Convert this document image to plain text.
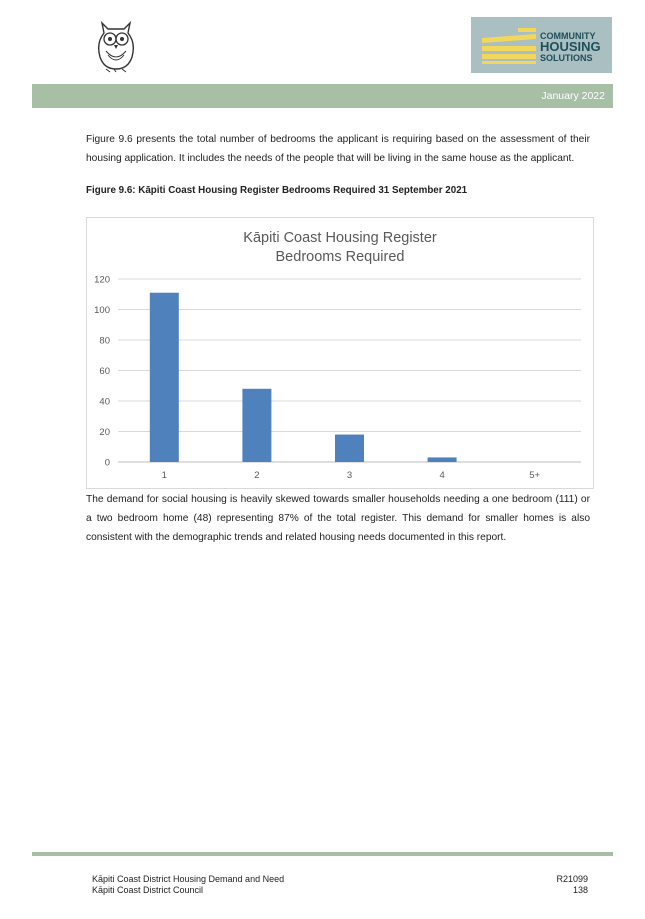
COMMUNITY
HOUSING
SOLUTIONS
January 2022
Figure 9.6 presents the total number of bedrooms the applicant is requiring based on the assessment of their housing application. It includes the needs of the people that will be living in the same house as the applicant.
Figure 9.6: Kāpiti Coast Housing Register Bedrooms Required 31 September 2021
Kāpiti Coast Housing Register
Bedrooms Required
0
20
40
60
80
100
120
1	2	3	4	5+
The demand for social housing is heavily skewed towards smaller households needing a one bedroom (111) or a two bedroom home (48) representing 87% of the total register. This demand for smaller homes is also consistent with the demographic trends and related housing needs documented in this report.
Kāpiti Coast District Housing Demand and Need
Kāpiti Coast District Council
R21099
138
